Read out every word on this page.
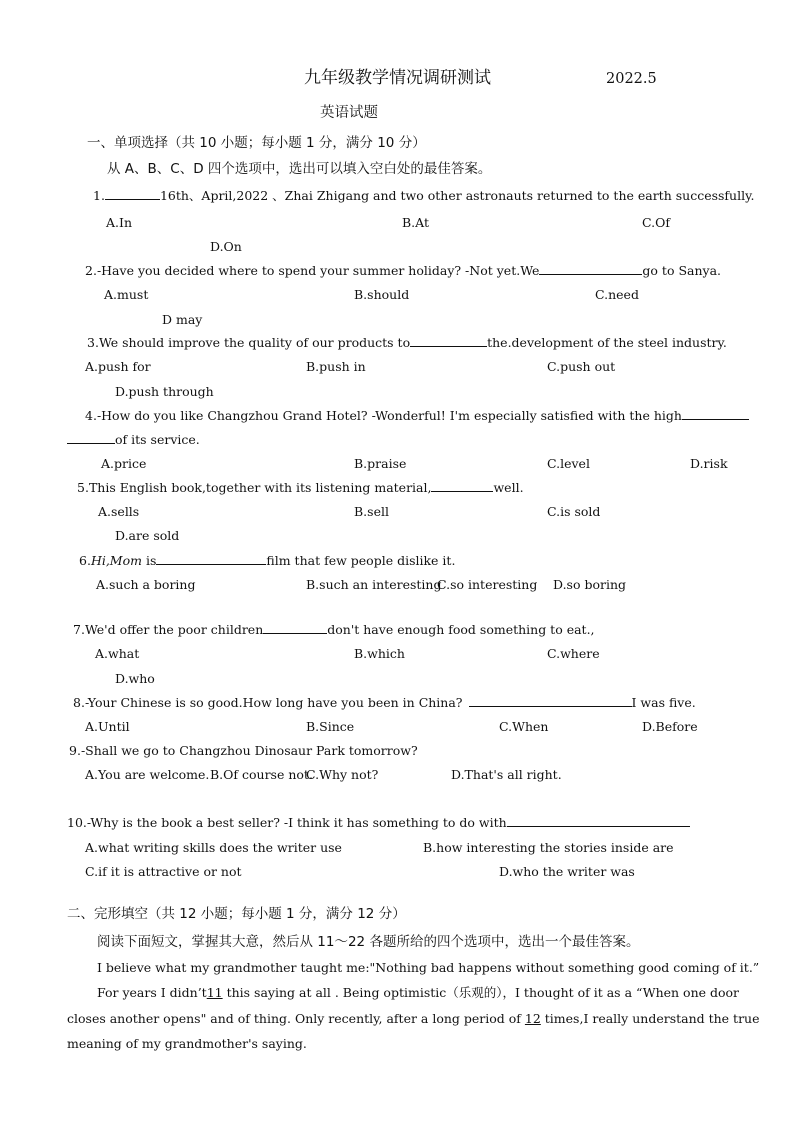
九年级教学情况调研测试	2022.5
英语试题
一、单项选择（共 10 小题；每小题 1 分，满分 10 分）
从 A、B、C、D 四个选项中，选出可以填入空白处的最佳答案。
1.	16th、April,2022 、Zhai Zhigang and two other astronauts returned to the earth successfully.
A.In	B.At	C.Of
D.On
2.-Have you decided where to spend your summer holiday? -Not yet.We	go to Sanya.
A.must	B.should	C.need
D may
3.We should improve the quality of our products to	the.development of the steel industry.
A.push for	B.push in	C.push out
D.push through
4.-How do you like Changzhou Grand Hotel? -Wonderful! I'm especially satisfied with the high
of its service.
A.price	B.praise	C.level	D.risk
5.This English book,together with its listening material,	well.
A.sells	B.sell	C.is sold
D.are sold
6.Hi,Mom is	film that few people dislike it.
A.such a boring	B.such an interesting
C.so interesting D.so boring
7.We'd offer the poor children	don't have enough food something to eat.,
A.what	B.which	C.where
D.who
8.-Your Chinese is so good.How long have you been in China?	I was five.
A.Until	B.Since	C.When	D.Before
9.-Shall we go to Changzhou Dinosaur Park tomorrow?
A.You are welcome. B.Of course not.
C.Why not?	D.That's all right.
10.-Why is the book a best seller? -I think it has something to do with
A.what writing skills does the writer use	B.how interesting the stories inside are
C.if it is attractive or not	D.who the writer was
二、完形填空（共 12 小题；每小题 1 分，满分 12 分）
阅读下面短文，掌握其大意，然后从 11～22 各题所给的四个选项中，选出一个最佳答案。
I believe what my grandmother taught me:"Nothing bad happens without something good coming of it.”
For years I didn’t11 this saying at all . Being optimistic（乐观的），I thought of it as a “When one door
closes another opens" and of thing. Only recently, after a long period of 12 times,I really understand the true
meaning of my grandmother's saying.
